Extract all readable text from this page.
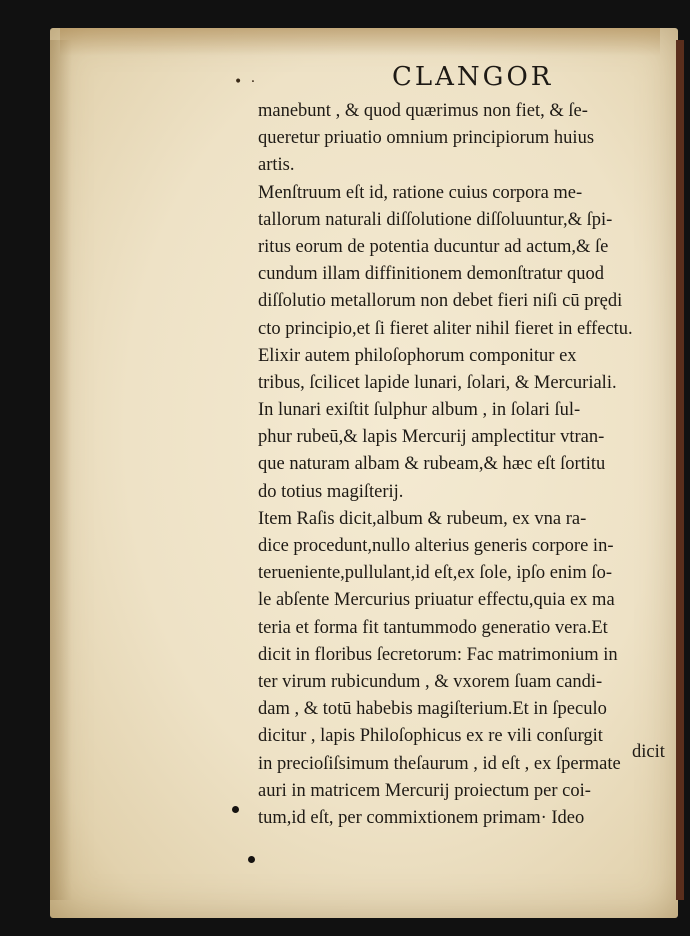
• ·	CLANGOR

manebunt , & quod quærimus non fiet, & ſe-

queretur priuatio omnium principiorum huius

artis.

Menſtruum eſt id, ratione cuius corpora me-

tallorum naturali diſſolutione diſſoluuntur,& ſpi-

ritus eorum de potentia ducuntur ad actum,& ſe

cundum illam diffinitionem demonſtratur quod

diſſolutio metallorum non debet fieri niſi cū prędi

cto principio,et ſi fieret aliter nihil fieret in effectu.

Elixir autem philoſophorum componitur ex

tribus, ſcilicet lapide lunari, ſolari, & Mercuriali.

In lunari exiſtit ſulphur album , in ſolari ſul-

phur rubeū,& lapis Mercurij amplectitur vtran-

que naturam albam & rubeam,& hæc eſt ſortitu

do totius magiſterij.

Item Raſis dicit,album & rubeum, ex vna ra-

dice procedunt,nullo alterius generis corpore in-

terueniente,pullulant,id eſt,ex ſole, ipſo enim ſo-

le abſente Mercurius priuatur effectu,quia ex ma

teria et forma fit tantummodo generatio vera.Et

dicit in floribus ſecretorum: Fac matrimonium in

ter virum rubicundum , & vxorem ſuam candi-

dam , & totū habebis magiſterium.Et in ſpeculo

dicitur , lapis Philoſophicus ex re vili conſurgit

in precioſiſsimum theſaurum , id eſt , ex ſpermate

auri in matricem Mercurij proiectum per coi-

tum,id eſt, per commixtionem primam· Ideo

dicit
